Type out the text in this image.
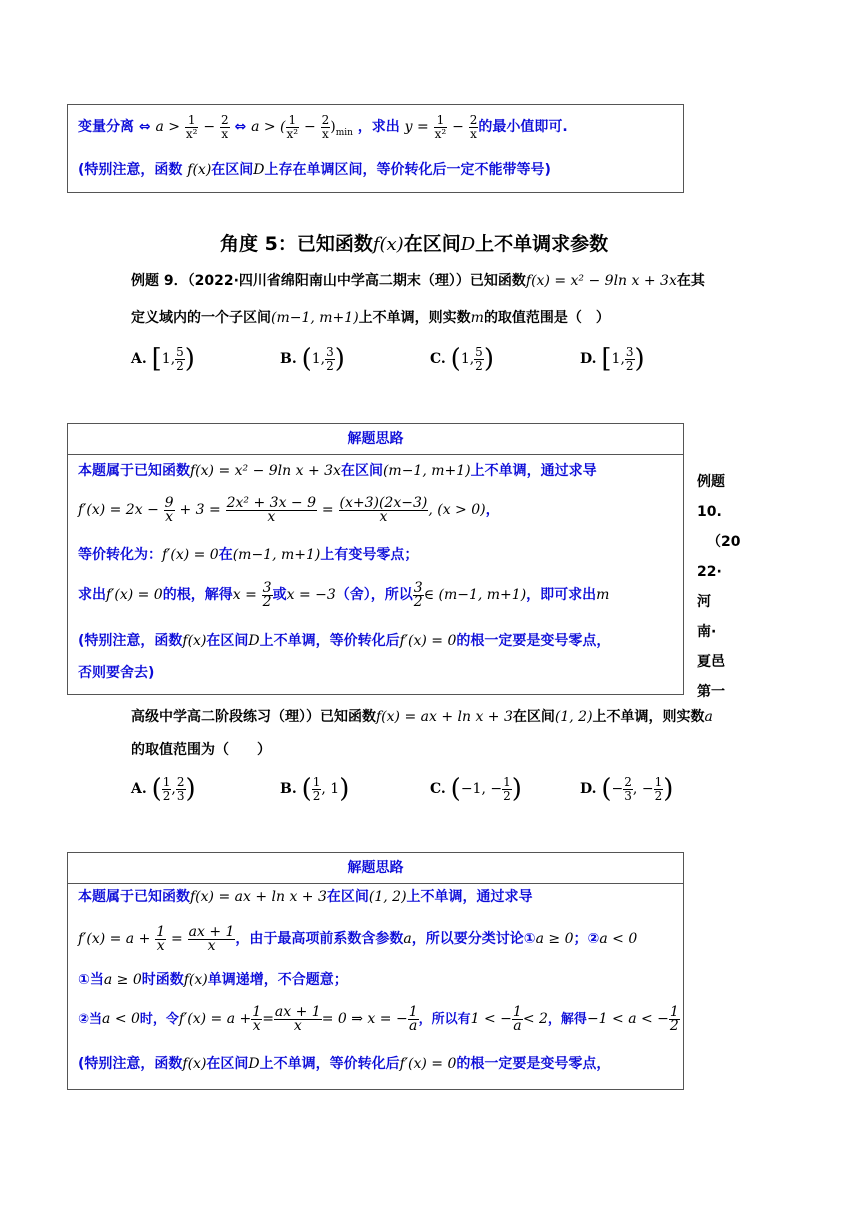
变量分离 ⇔ $a > \frac{1}{\text{x²}} - \frac{2}{x}$ ⇔ a > ( $\frac{1}{\text{x²}} - \frac{2}{x} )_{min}$ ，求出 $y = \frac{1}{\text{x²}} - \frac{2}{x}$ 的最小值即可.
(特别注意，函数 f(x)在区间D上存在单调区间，等价转化后一定不能带等号)
角度 5：已知函数f(x)在区间D上不单调求参数
例题 9．（2022·四川省绵阳南山中学高二期末（理））已知函数f(x) = x² − 9ln x + 3x在其
定义域内的一个子区间(m−1, m+1)上不单调，则实数m的取值范围是（　）
A. [1, $\frac{5}{2}$ )	B. (1, $\frac{3}{2}$ )	C. (1, $\frac{5}{2}$ )	D. [1, $\frac{3}{2}$ )
解题思路
本题属于已知函数f(x) = x² − 9ln x + 3x在区间(m−1, m+1)上不单调，通过求导
$f'(x) = 2x - \frac{9}{x} + 3 = \frac{\text{2x² + 3x − 9}}{x} = \frac{(x+3)(2x-3)}{x}$ , (x > 0)，
等价转化为：f′(x) = 0在(m−1, m+1)上有变号零点；
求出f′(x) = 0的根，解得$x = \frac{3}{2}$ 或x = −3（舍），所以 $\frac{3}{2}$ ∈ (m−1, m+1)，即可求出m
(特别注意，函数f(x)在区间D上不单调，等价转化后f′(x) = 0的根一定要是变号零点，
否则要舍去)
例题
10.
（20
22·
河
南·
夏邑
第一
高级中学高二阶段练习（理））已知函数f(x) = ax + ln x + 3在区间(1, 2)上不单调，则实数a
的取值范围为（　　）
A. ( $\frac{1}{2}$ , $\frac{2}{3}$ )	B. ( $\frac{1}{2}$ , 1)	C. (−1, − $\frac{1}{2}$ )	D. (− $\frac{2}{3}$ , − $\frac{1}{2}$ )
解题思路
本题属于已知函数f(x) = ax + ln x + 3在区间(1, 2)上不单调，通过求导
$f'(x) = a + \frac{1}{x} = \frac{ax + 1}{x}$ ，由于最高项前系数含参数a，所以要分类讨论①a ≥ 0；②a < 0
①当a ≥ 0时函数f(x)单调递增，不合题意；
②当a < 0时，令$f'(x) = a + \frac{1}{x} = \frac{ax + 1}{x} = 0$ ⇒ x = − $\frac{1}{a}$ ，所以有1 < − $\frac{1}{a} < 2$，解得−1 < a < − $\frac{1}{2}$
(特别注意，函数f(x)在区间D上不单调，等价转化后f′(x) = 0的根一定要是变号零点，
